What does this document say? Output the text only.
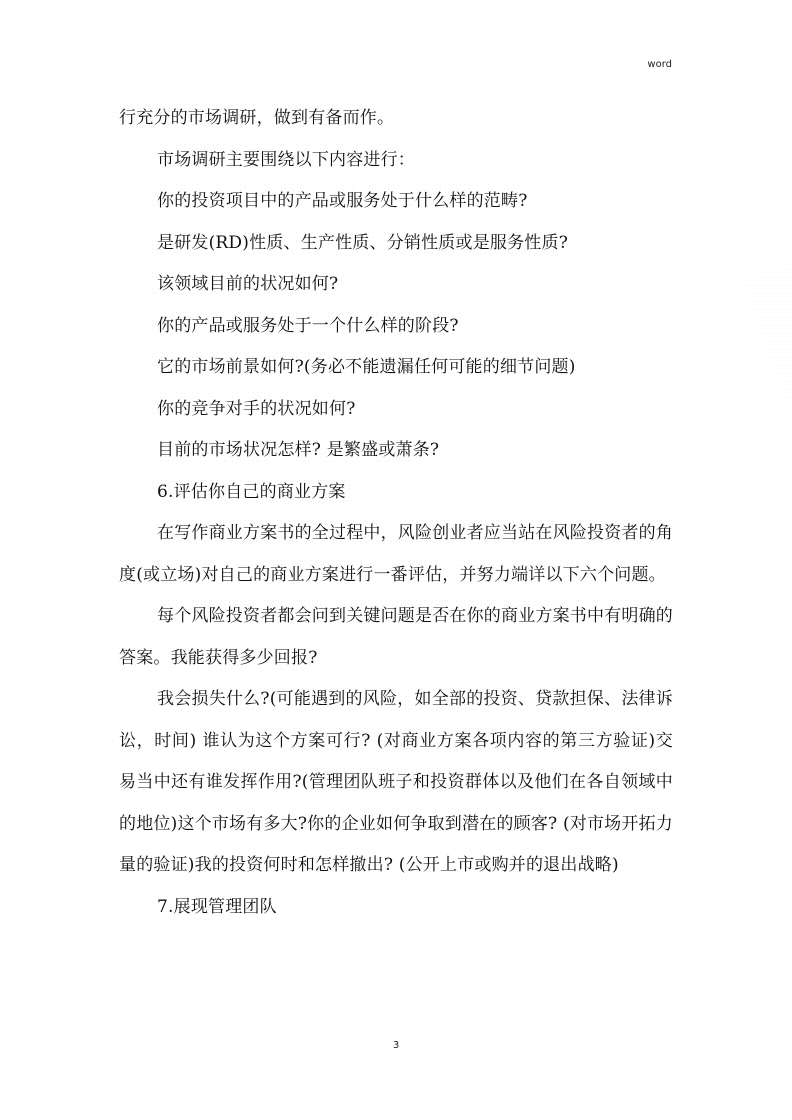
word

行充分的市场调研，做到有备而作。

市场调研主要围绕以下内容进行：

你的投资项目中的产品或服务处于什么样的范畴?

是研发(RD)性质、生产性质、分销性质或是服务性质?

该领域目前的状况如何?

你的产品或服务处于一个什么样的阶段?

它的市场前景如何?(务必不能遗漏任何可能的细节问题)

你的竞争对手的状况如何?

目前的市场状况怎样? 是繁盛或萧条?

6.评估你自己的商业方案

在写作商业方案书的全过程中，风险创业者应当站在风险投资者的角度(或立场)对自己的商业方案进行一番评估，并努力端详以下六个问题。

每个风险投资者都会问到关键问题是否在你的商业方案书中有明确的答案。我能获得多少回报?

我会损失什么?(可能遇到的风险，如全部的投资、贷款担保、法律诉讼，时间) 谁认为这个方案可行? (对商业方案各项内容的第三方验证)交易当中还有谁发挥作用?(管理团队班子和投资群体以及他们在各自领域中的地位)这个市场有多大?你的企业如何争取到潜在的顾客? (对市场开拓力量的验证)我的投资何时和怎样撤出? (公开上市或购并的退出战略)

7.展现管理团队

3
